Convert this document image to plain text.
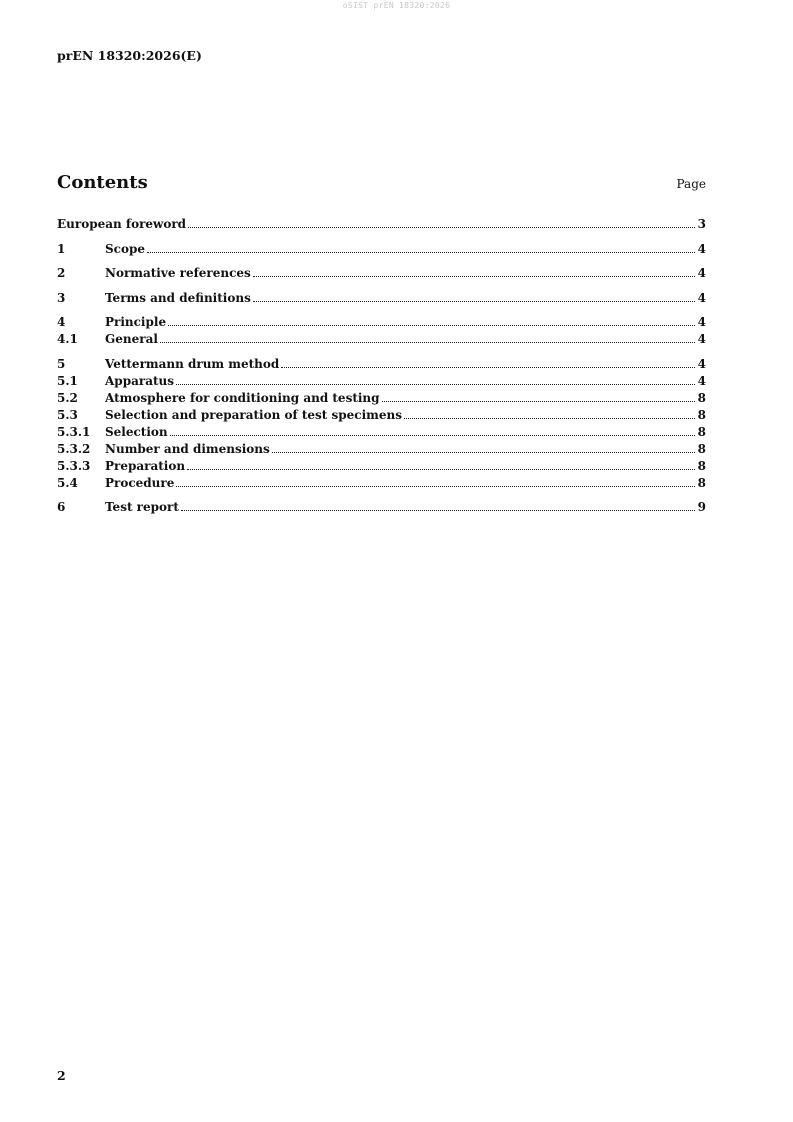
oSIST prEN 18320:2026
prEN 18320:2026(E)
Contents	Page
European foreword	3
1	Scope	4
2	Normative references	4
3	Terms and definitions	4
4	Principle	4
4.1	General	4
5	Vettermann drum method	4
5.1	Apparatus	4
5.2	Atmosphere for conditioning and testing	8
5.3	Selection and preparation of test specimens	8
5.3.1	Selection	8
5.3.2	Number and dimensions	8
5.3.3	Preparation	8
5.4	Procedure	8
6	Test report	9
2
